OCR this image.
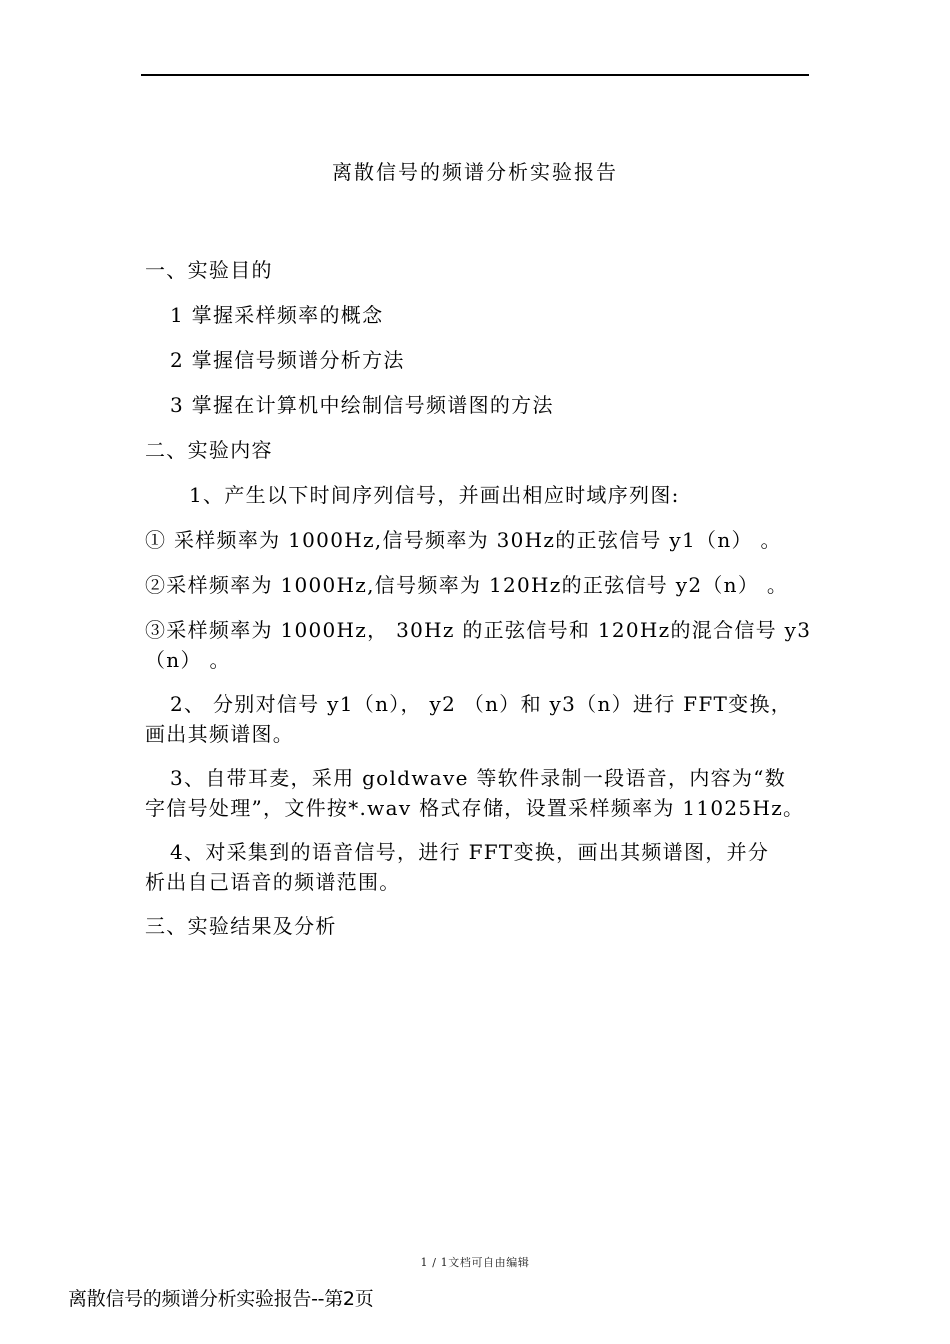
离散信号的频谱分析实验报告
一、实验目的
1 掌握采样频率的概念
2 掌握信号频谱分析方法
3 掌握在计算机中绘制信号频谱图的方法
二、实验内容
1、产生以下时间序列信号，并画出相应时域序列图:
① 采样频率为 1000Hz,信号频率为 30Hz的正弦信号 y1（n） 。
②采样频率为 1000Hz,信号频率为 120Hz的正弦信号 y2（n） 。
③采样频率为 1000Hz， 30Hz 的正弦信号和 120Hz的混合信号 y3
（n） 。
2、 分别对信号 y1（n）， y2 （n）和 y3（n）进行 FFT变换，
画出其频谱图。
3、自带耳麦，采用 goldwave 等软件录制一段语音，内容为“数
字信号处理”，文件按*.wav 格式存储，设置采样频率为 11025Hz。
4、对采集到的语音信号，进行 FFT变换，画出其频谱图，并分
析出自己语音的频谱范围。
三、实验结果及分析
1 / 1文档可自由编辑
离散信号的频谱分析实验报告--第2页
